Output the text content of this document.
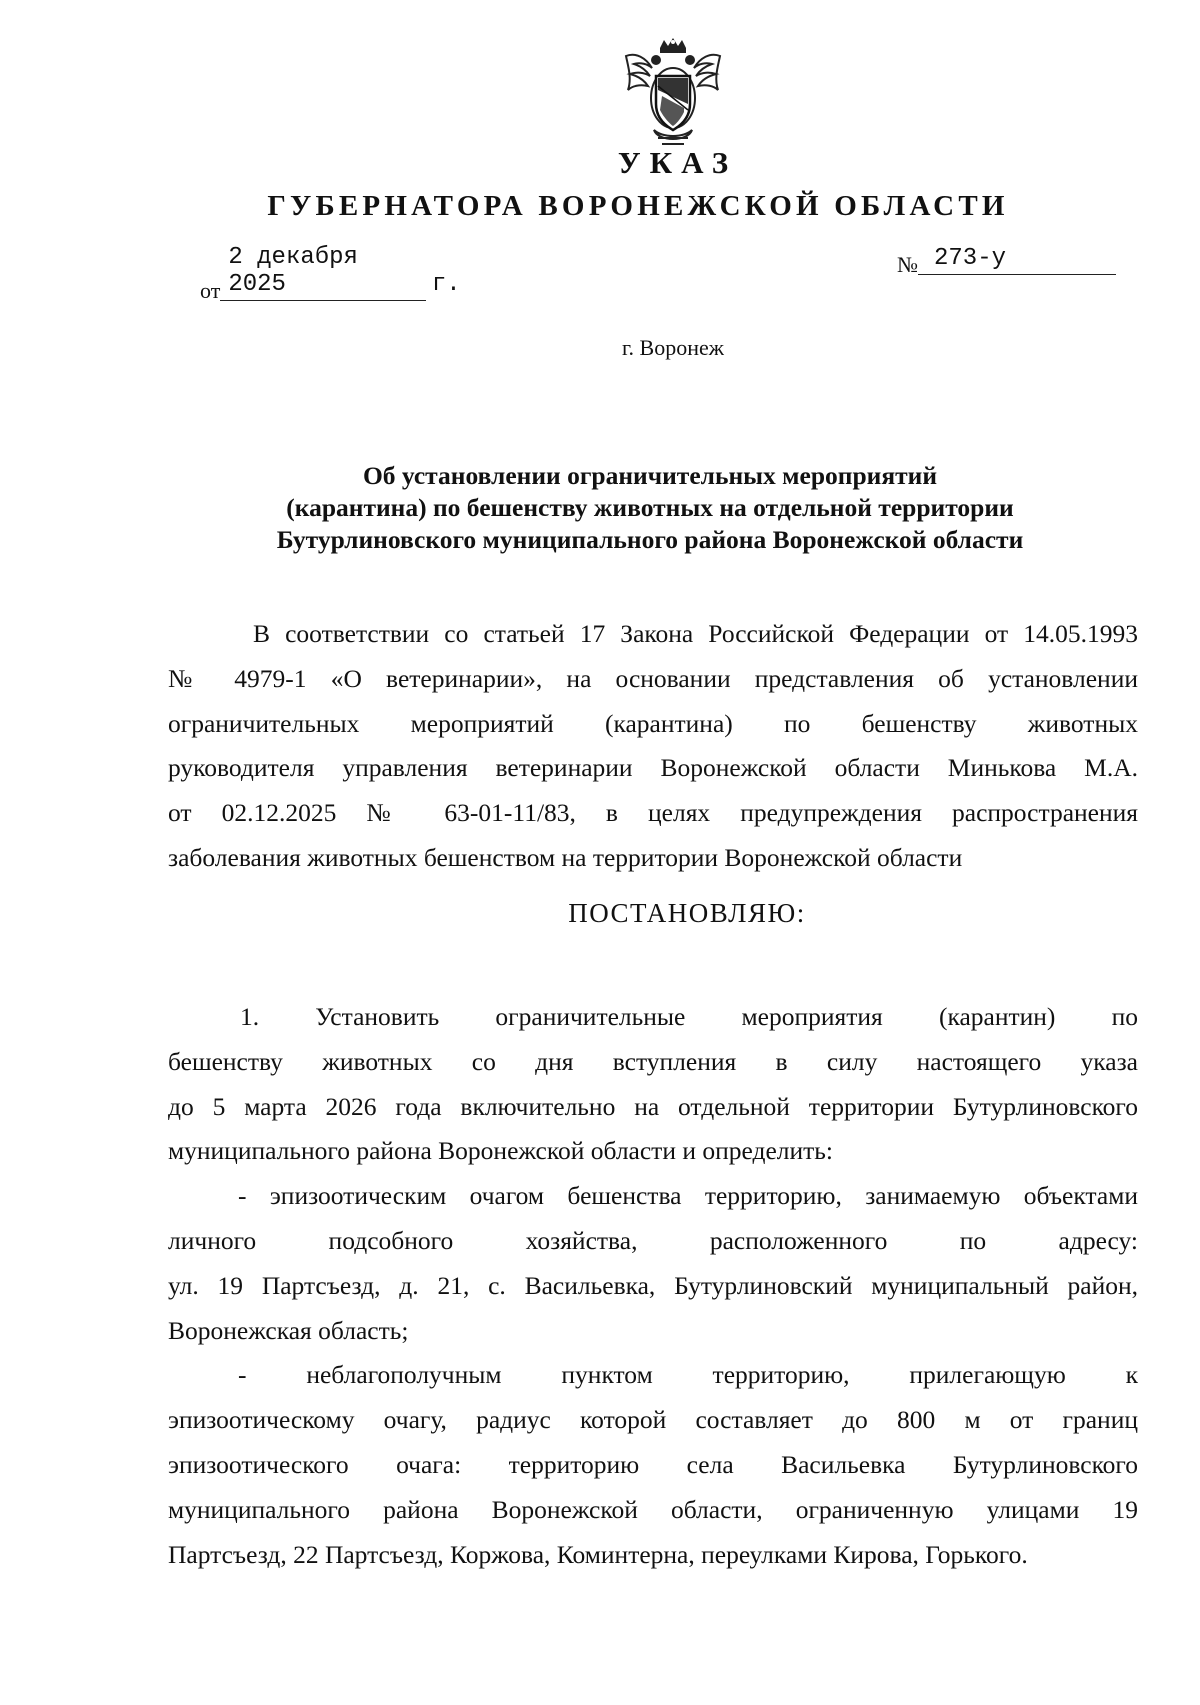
УКАЗ
ГУБЕРНАТОРА ВОРОНЕЖСКОЙ ОБЛАСТИ
от2 декабря 2025	г.
№ 273-у
г. Воронеж
Об установлении ограничительных мероприятий
(карантина) по бешенству животных на отдельной территории
Бутурлиновского муниципального района Воронежской области
В соответствии со статьей 17 Закона Российской Федерации от 14.05.1993
№ 4979-1 «О ветеринарии», на основании представления об установлении
ограничительных мероприятий (карантина) по бешенству животных
руководителя управления ветеринарии Воронежской области Минькова М.А.
от 02.12.2025 № 63-01-11/83, в целях предупреждения распространения
заболевания животных бешенством на территории Воронежской области
ПОСТАНОВЛЯЮ:
1. Установить ограничительные мероприятия (карантин) по
бешенству животных со дня вступления в силу настоящего указа
до 5 марта 2026 года включительно на отдельной территории Бутурлиновского
муниципального района Воронежской области и определить:
- эпизоотическим очагом бешенства территорию, занимаемую объектами
личного подсобного хозяйства, расположенного по адресу:
ул. 19 Партсъезд, д. 21, с. Васильевка, Бутурлиновский муниципальный район,
Воронежская область;
- неблагополучным пунктом территорию, прилегающую к
эпизоотическому очагу, радиус которой составляет до 800 м от границ
эпизоотического очага: территорию села Васильевка Бутурлиновского
муниципального района Воронежской области, ограниченную улицами 19
Партсъезд, 22 Партсъезд, Коржова, Коминтерна, переулками Кирова, Горького.
